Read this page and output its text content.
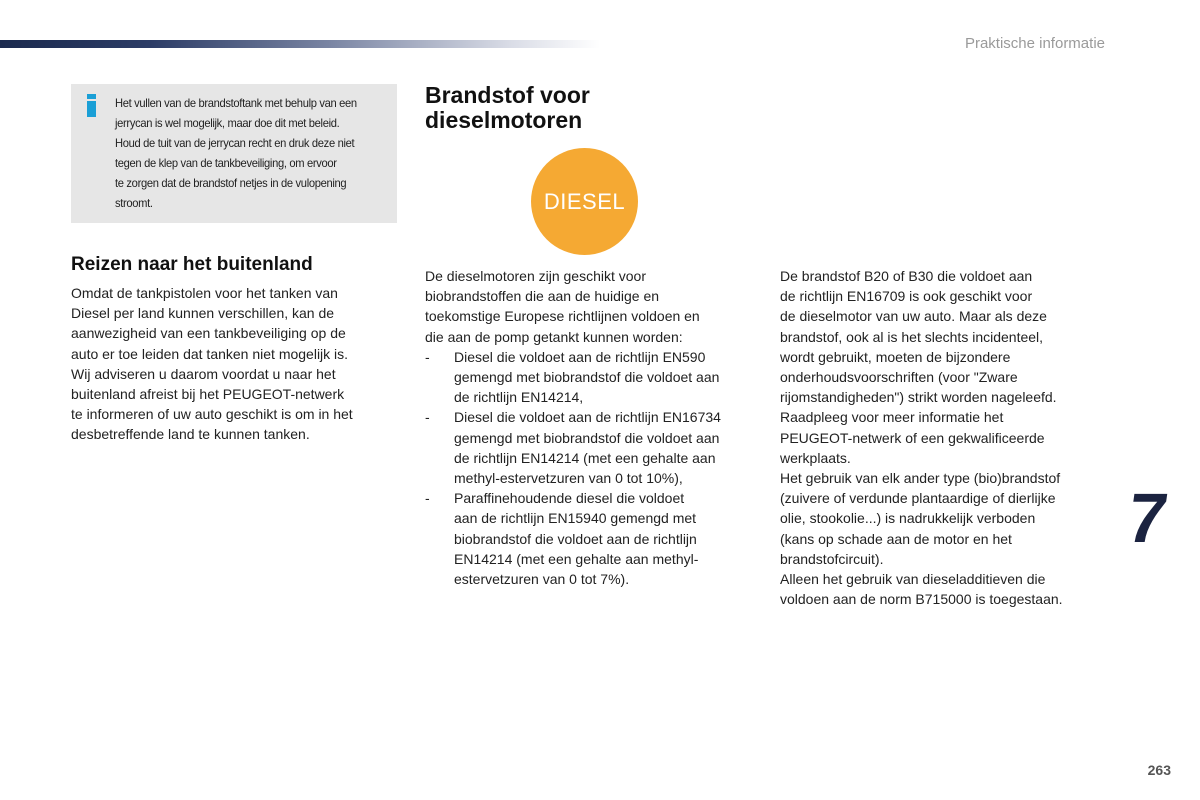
Praktische informatie
Het vullen van de brandstoftank met behulp van een
jerrycan is wel mogelijk, maar doe dit met beleid.
Houd de tuit van de jerrycan recht en druk deze niet
tegen de klep van de tankbeveiliging, om ervoor
te zorgen dat de brandstof netjes in de vulopening
stroomt.
Reizen naar het buitenland
Omdat de tankpistolen voor het tanken van
Diesel per land kunnen verschillen, kan de
aanwezigheid van een tankbeveiliging op de
auto er toe leiden dat tanken niet mogelijk is.
Wij adviseren u daarom voordat u naar het
buitenland afreist bij het PEUGEOT-netwerk
te informeren of uw auto geschikt is om in het
desbetreffende land te kunnen tanken.
Brandstof voor
dieselmotoren
DIESEL

De dieselmotoren zijn geschikt voor
biobrandstoffen die aan de huidige en
toekomstige Europese richtlijnen voldoen en
die aan de pomp getankt kunnen worden:

- Diesel die voldoet aan de richtlijn EN590
gemengd met biobrandstof die voldoet aan
de richtlijn EN14214,
- Diesel die voldoet aan de richtlijn EN16734
gemengd met biobrandstof die voldoet aan
de richtlijn EN14214 (met een gehalte aan
methyl-estervetzuren van 0 tot 10%),
- Paraffinehoudende diesel die voldoet
aan de richtlijn EN15940 gemengd met
biobrandstof die voldoet aan de richtlijn
EN14214 (met een gehalte aan methyl-
estervetzuren van 0 tot 7%).
De brandstof B20 of B30 die voldoet aan
de richtlijn EN16709 is ook geschikt voor
de dieselmotor van uw auto. Maar als deze
brandstof, ook al is het slechts incidenteel,
wordt gebruikt, moeten de bijzondere
onderhoudsvoorschriften (voor "Zware
rijomstandigheden") strikt worden nageleefd.
Raadpleeg voor meer informatie het
PEUGEOT-netwerk of een gekwalificeerde
werkplaats.
Het gebruik van elk ander type (bio)brandstof
(zuivere of verdunde plantaardige of dierlijke
olie, stookolie...) is nadrukkelijk verboden
(kans op schade aan de motor en het
brandstofcircuit).
Alleen het gebruik van dieseladditieven die
voldoen aan de norm B715000 is toegestaan.
7
263
